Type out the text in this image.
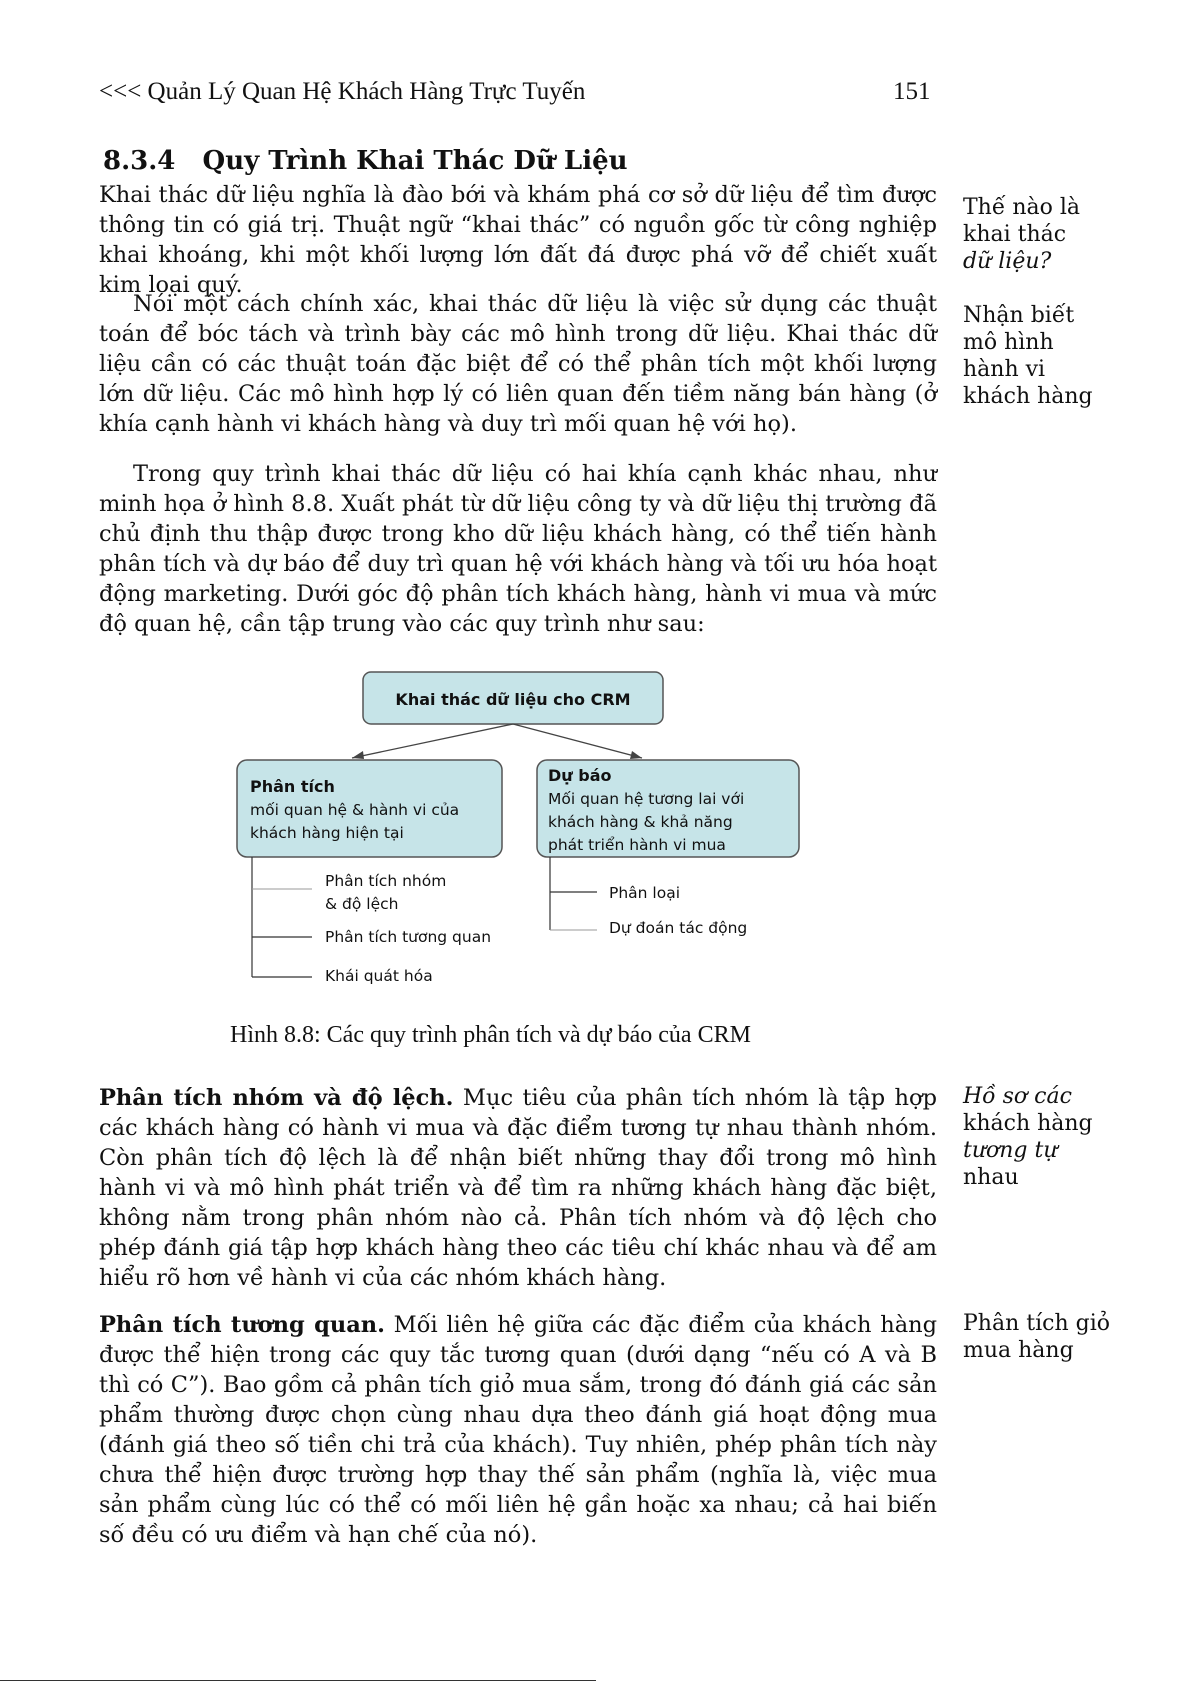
<<< Quản Lý Quan Hệ Khách Hàng Trực Tuyến	151
8.3.4 Quy Trình Khai Thác Dữ Liệu

Khai thác dữ liệu nghĩa là đào bới và khám phá cơ sở dữ liệu để tìm được thông tin có giá trị. Thuật ngữ “khai thác” có nguồn gốc từ công nghiệp khai khoáng, khi một khối lượng lớn đất đá được phá vỡ để chiết xuất kim loại quý.

Nói một cách chính xác, khai thác dữ liệu là việc sử dụng các thuật toán để bóc tách và trình bày các mô hình trong dữ liệu. Khai thác dữ liệu cần có các thuật toán đặc biệt để có thể phân tích một khối lượng lớn dữ liệu. Các mô hình hợp lý có liên quan đến tiềm năng bán hàng (ở khía cạnh hành vi khách hàng và duy trì mối quan hệ với họ).

Trong quy trình khai thác dữ liệu có hai khía cạnh khác nhau, như minh họa ở hình 8.8. Xuất phát từ dữ liệu công ty và dữ liệu thị trường đã chủ định thu thập được trong kho dữ liệu khách hàng, có thể tiến hành phân tích và dự báo để duy trì quan hệ với khách hàng và tối ưu hóa hoạt động marketing. Dưới góc độ phân tích khách hàng, hành vi mua và mức độ quan hệ, cần tập trung vào các quy trình như sau:

Thế nào là
khai thác
dữ liệu?
Nhận biết
mô hình
hành vi
khách hàng
Khai thác dữ liệu cho CRM
Phân tích
mối quan hệ & hành vi của
khách hàng hiện tại
Dự báo
Mối quan hệ tương lai với
khách hàng & khả năng
phát triển hành vi mua
Phân tích nhóm
& độ lệch
Phân tích tương quan
Khái quát hóa
Phân loại
Dự đoán tác động
Hình 8.8: Các quy trình phân tích và dự báo của CRM

Phân tích nhóm và độ lệch. Mục tiêu của phân tích nhóm là tập hợp các khách hàng có hành vi mua và đặc điểm tương tự nhau thành nhóm. Còn phân tích độ lệch là để nhận biết những thay đổi trong mô hình hành vi và mô hình phát triển và để tìm ra những khách hàng đặc biệt, không nằm trong phân nhóm nào cả. Phân tích nhóm và độ lệch cho phép đánh giá tập hợp khách hàng theo các tiêu chí khác nhau và để am hiểu rõ hơn về hành vi của các nhóm khách hàng.

Hồ sơ các
khách hàng
tương tự
nhau

Phân tích tương quan. Mối liên hệ giữa các đặc điểm của khách hàng được thể hiện trong các quy tắc tương quan (dưới dạng “nếu có A và B thì có C”). Bao gồm cả phân tích giỏ mua sắm, trong đó đánh giá các sản phẩm thường được chọn cùng nhau dựa theo đánh giá hoạt động mua (đánh giá theo số tiền chi trả của khách). Tuy nhiên, phép phân tích này chưa thể hiện được trường hợp thay thế sản phẩm (nghĩa là, việc mua sản phẩm cùng lúc có thể có mối liên hệ gần hoặc xa nhau; cả hai biến số đều có ưu điểm và hạn chế của nó).

Phân tích giỏ
mua hàng
